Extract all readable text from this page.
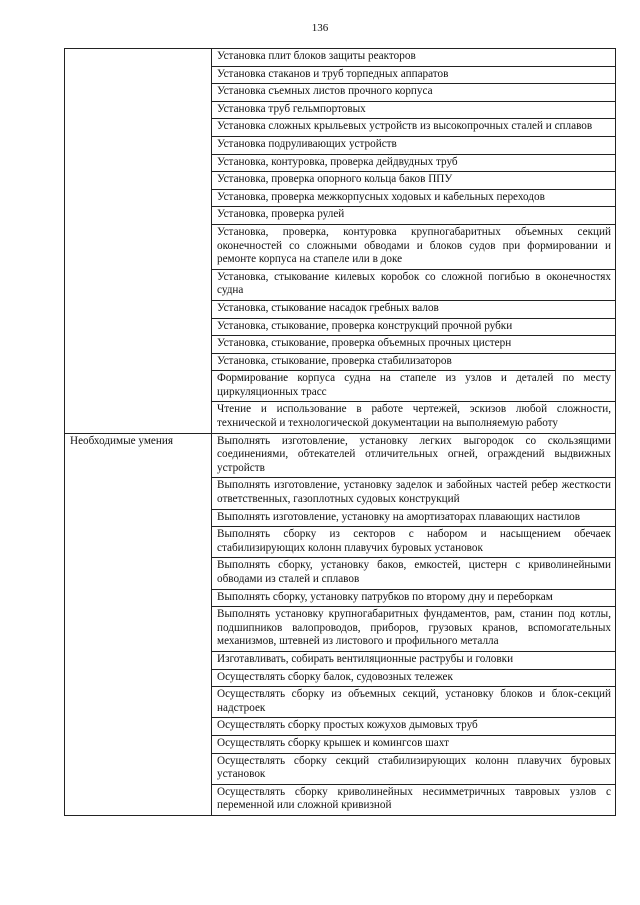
136
	Установка плит блоков защиты реакторов
	Установка стаканов и труб торпедных аппаратов
	Установка съемных листов прочного корпуса
	Установка труб гельмпортовых
	Установка сложных крыльевых устройств из высокопрочных сталей и сплавов
	Установка подруливающих устройств
	Установка, контуровка, проверка дейдвудных труб
	Установка, проверка опорного кольца баков ППУ
	Установка, проверка межкорпусных ходовых и кабельных переходов
	Установка, проверка рулей
	Установка, проверка, контуровка крупногабаритных объемных секций оконечностей со сложными обводами и блоков судов при формировании и ремонте корпуса на стапеле или в доке
	Установка, стыкование килевых коробок со сложной погибью в оконечностях судна
	Установка, стыкование насадок гребных валов
	Установка, стыкование, проверка конструкций прочной рубки
	Установка, стыкование, проверка объемных прочных цистерн
	Установка, стыкование, проверка стабилизаторов
	Формирование корпуса судна на стапеле из узлов и деталей по месту циркуляционных трасс
	Чтение и использование в работе чертежей, эскизов любой сложности, технической и технологической документации на выполняемую работу
Необходимые умения	Выполнять изготовление, установку легких выгородок со скользящими соединениями, обтекателей отличительных огней, ограждений выдвижных устройств
	Выполнять изготовление, установку заделок и забойных частей ребер жесткости ответственных, газоплотных судовых конструкций
	Выполнять изготовление, установку на амортизаторах плавающих настилов
	Выполнять сборку из секторов с набором и насыщением обечаек стабилизирующих колонн плавучих буровых установок
	Выполнять сборку, установку баков, емкостей, цистерн с криволинейными обводами из сталей и сплавов
	Выполнять сборку, установку патрубков по второму дну и переборкам
	Выполнять установку крупногабаритных фундаментов, рам, станин под котлы, подшипников валопроводов, приборов, грузовых кранов, вспомогательных механизмов, штевней из листового и профильного металла
	Изготавливать, собирать вентиляционные раструбы и головки
	Осуществлять сборку балок, судовозных тележек
	Осуществлять сборку из объемных секций, установку блоков и блок-секций надстроек
	Осуществлять сборку простых кожухов дымовых труб
	Осуществлять сборку крышек и комингсов шахт
	Осуществлять сборку секций стабилизирующих колонн плавучих буровых установок
	Осуществлять сборку криволинейных несимметричных тавровых узлов с переменной или сложной кривизной
